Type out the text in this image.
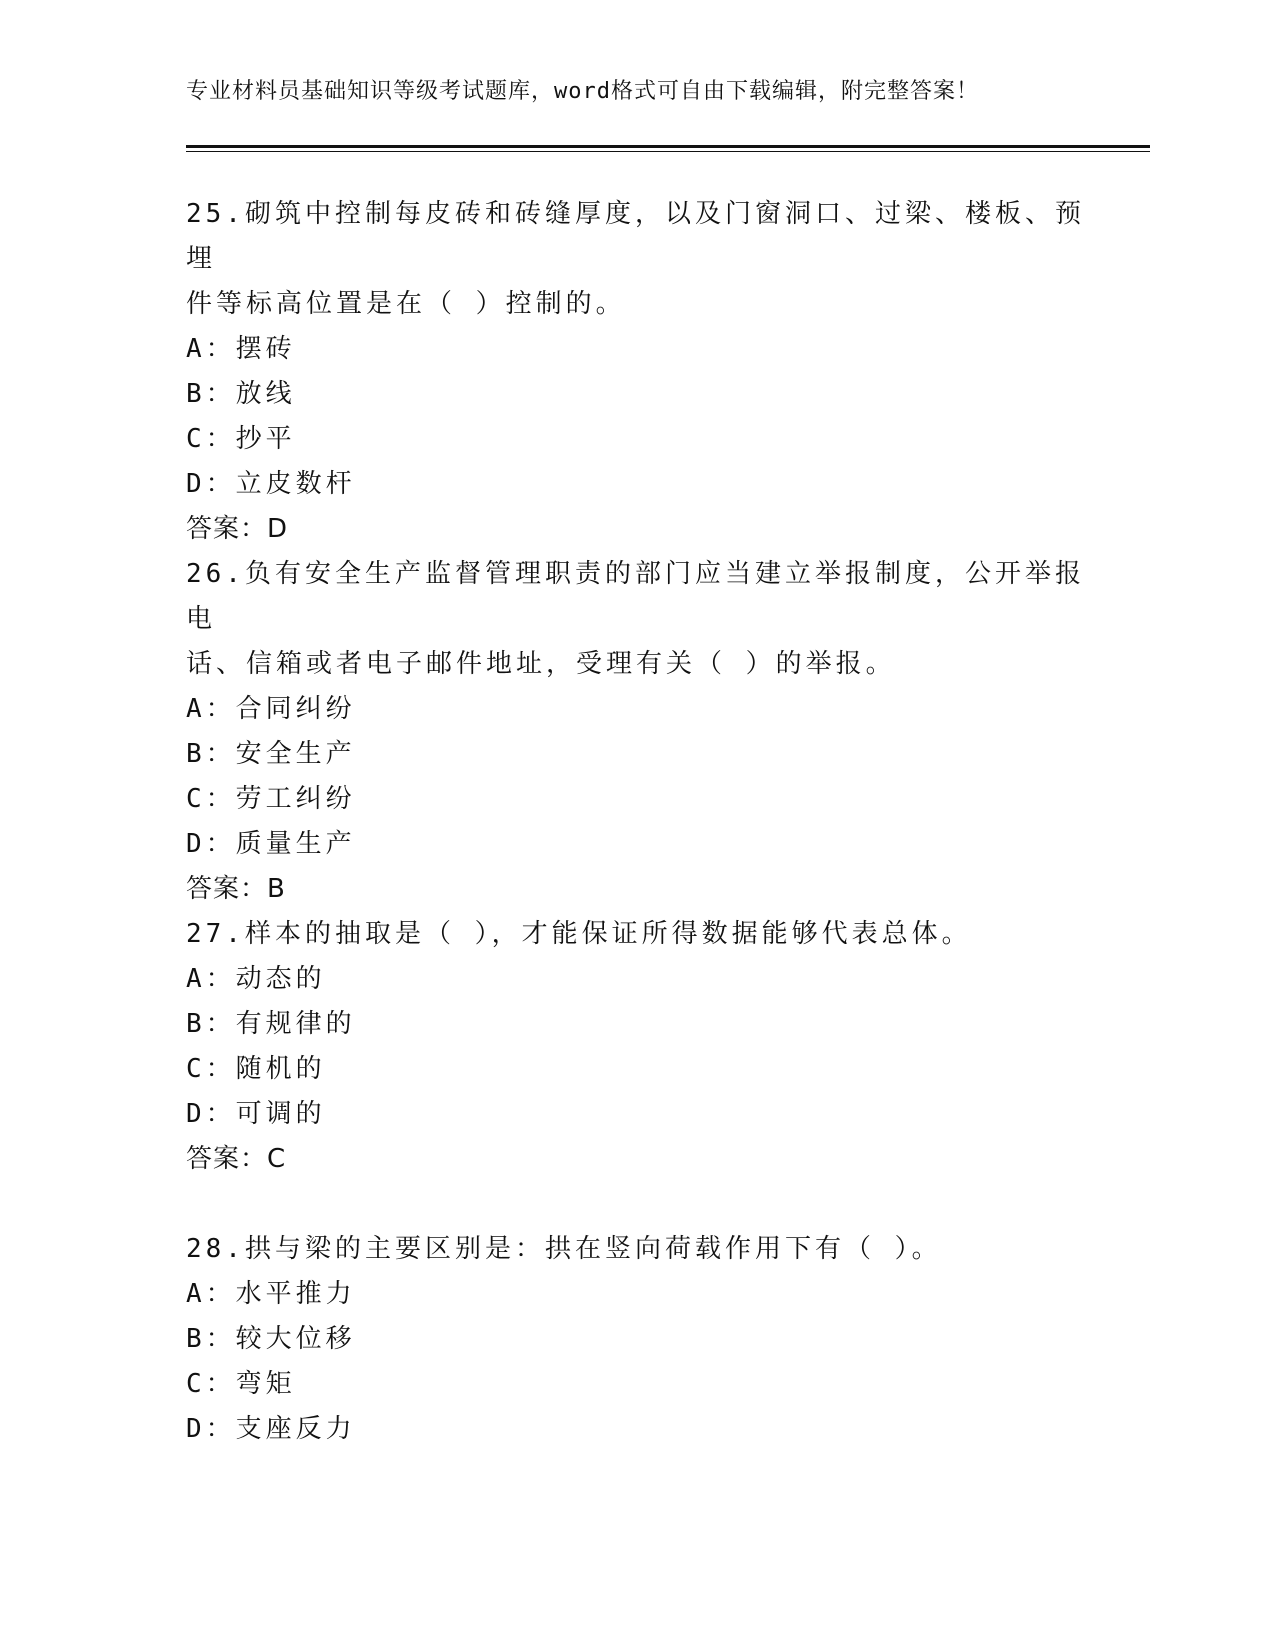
专业材料员基础知识等级考试题库，word格式可自由下载编辑，附完整答案！

25.砌筑中控制每皮砖和砖缝厚度，以及门窗洞口、过梁、楼板、预埋

件等标高位置是在（ ）控制的。

A：摆砖

B：放线

C：抄平

D：立皮数杆

答案：D

26.负有安全生产监督管理职责的部门应当建立举报制度，公开举报电

话、信箱或者电子邮件地址，受理有关（ ）的举报。

A：合同纠纷

B：安全生产

C：劳工纠纷

D：质量生产

答案：B

27.样本的抽取是（ ），才能保证所得数据能够代表总体。

A：动态的

B：有规律的

C：随机的

D：可调的

答案：C

28.拱与梁的主要区别是：拱在竖向荷载作用下有（ ）。

A：水平推力

B：较大位移

C：弯矩

D：支座反力
